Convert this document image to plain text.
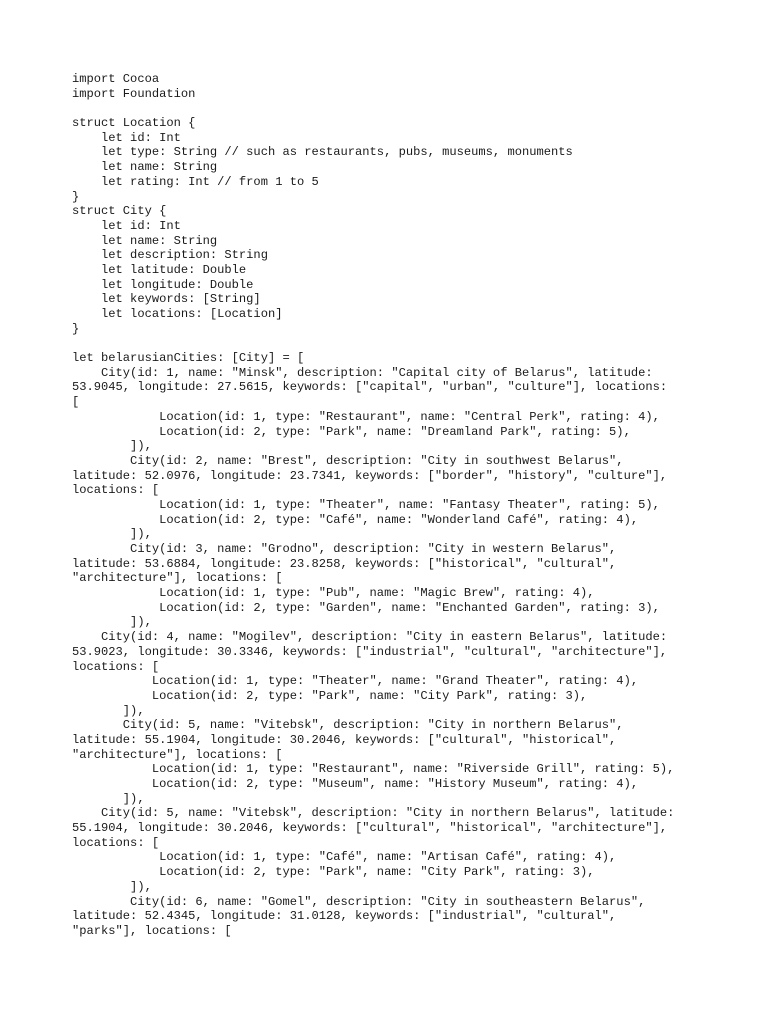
import Cocoa
import Foundation
struct Location {
let id: Int
let type: String // such as restaurants, pubs, museums, monuments
let name: String
let rating: Int // from 1 to 5
}
struct City {
let id: Int
let name: String
let description: String
let latitude: Double
let longitude: Double
let keywords: [String]
let locations: [Location]
}
let belarusianCities: [City] = [
City(id: 1, name: "Minsk", description: "Capital city of Belarus", latitude:
53.9045, longitude: 27.5615, keywords: ["capital", "urban", "culture"], locations:
[
Location(id: 1, type: "Restaurant", name: "Central Perk", rating: 4),
Location(id: 2, type: "Park", name: "Dreamland Park", rating: 5),
]),
City(id: 2, name: "Brest", description: "City in southwest Belarus",
latitude: 52.0976, longitude: 23.7341, keywords: ["border", "history", "culture"],
locations: [
Location(id: 1, type: "Theater", name: "Fantasy Theater", rating: 5),
Location(id: 2, type: "Café", name: "Wonderland Café", rating: 4),
]),
City(id: 3, name: "Grodno", description: "City in western Belarus",
latitude: 53.6884, longitude: 23.8258, keywords: ["historical", "cultural",
"architecture"], locations: [
Location(id: 1, type: "Pub", name: "Magic Brew", rating: 4),
Location(id: 2, type: "Garden", name: "Enchanted Garden", rating: 3),
]),
City(id: 4, name: "Mogilev", description: "City in eastern Belarus", latitude:
53.9023, longitude: 30.3346, keywords: ["industrial", "cultural", "architecture"],
locations: [
Location(id: 1, type: "Theater", name: "Grand Theater", rating: 4),
Location(id: 2, type: "Park", name: "City Park", rating: 3),
]),
City(id: 5, name: "Vitebsk", description: "City in northern Belarus",
latitude: 55.1904, longitude: 30.2046, keywords: ["cultural", "historical",
"architecture"], locations: [
Location(id: 1, type: "Restaurant", name: "Riverside Grill", rating: 5),
Location(id: 2, type: "Museum", name: "History Museum", rating: 4),
]),
City(id: 5, name: "Vitebsk", description: "City in northern Belarus", latitude:
55.1904, longitude: 30.2046, keywords: ["cultural", "historical", "architecture"],
locations: [
Location(id: 1, type: "Café", name: "Artisan Café", rating: 4),
Location(id: 2, type: "Park", name: "City Park", rating: 3),
]),
City(id: 6, name: "Gomel", description: "City in southeastern Belarus",
latitude: 52.4345, longitude: 31.0128, keywords: ["industrial", "cultural",
"parks"], locations: [
